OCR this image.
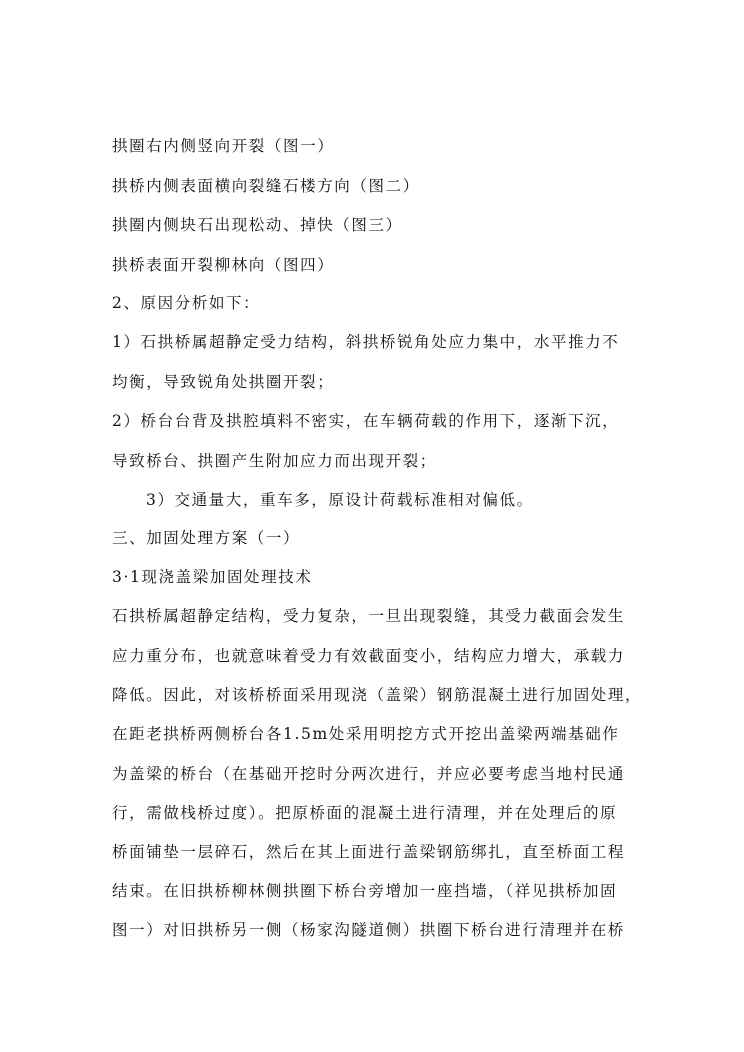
拱圈右内侧竖向开裂（图一）
拱桥内侧表面横向裂缝石楼方向（图二）
拱圈内侧块石出现松动、掉快（图三）
拱桥表面开裂柳林向（图四）
2、原因分析如下：
1）石拱桥属超静定受力结构，斜拱桥锐角处应力集中，水平推力不
均衡，导致锐角处拱圈开裂；
2）桥台台背及拱腔填料不密实，在车辆荷载的作用下，逐渐下沉，
导致桥台、拱圈产生附加应力而出现开裂；
3）交通量大，重车多，原设计荷载标准相对偏低。
三、加固处理方案（一）
3·1现浇盖梁加固处理技术
石拱桥属超静定结构，受力复杂，一旦出现裂缝，其受力截面会发生
应力重分布，也就意味着受力有效截面变小，结构应力增大，承载力
降低。因此，对该桥桥面采用现浇（盖梁）钢筋混凝土进行加固处理，
在距老拱桥两侧桥台各1.5m处采用明挖方式开挖出盖梁两端基础作
为盖梁的桥台（在基础开挖时分两次进行，并应必要考虑当地村民通
行，需做栈桥过度）。把原桥面的混凝土进行清理，并在处理后的原
桥面铺垫一层碎石，然后在其上面进行盖梁钢筋绑扎，直至桥面工程
结束。在旧拱桥柳林侧拱圈下桥台旁增加一座挡墙，（祥见拱桥加固
图一）对旧拱桥另一侧（杨家沟隧道侧）拱圈下桥台进行清理并在桥
